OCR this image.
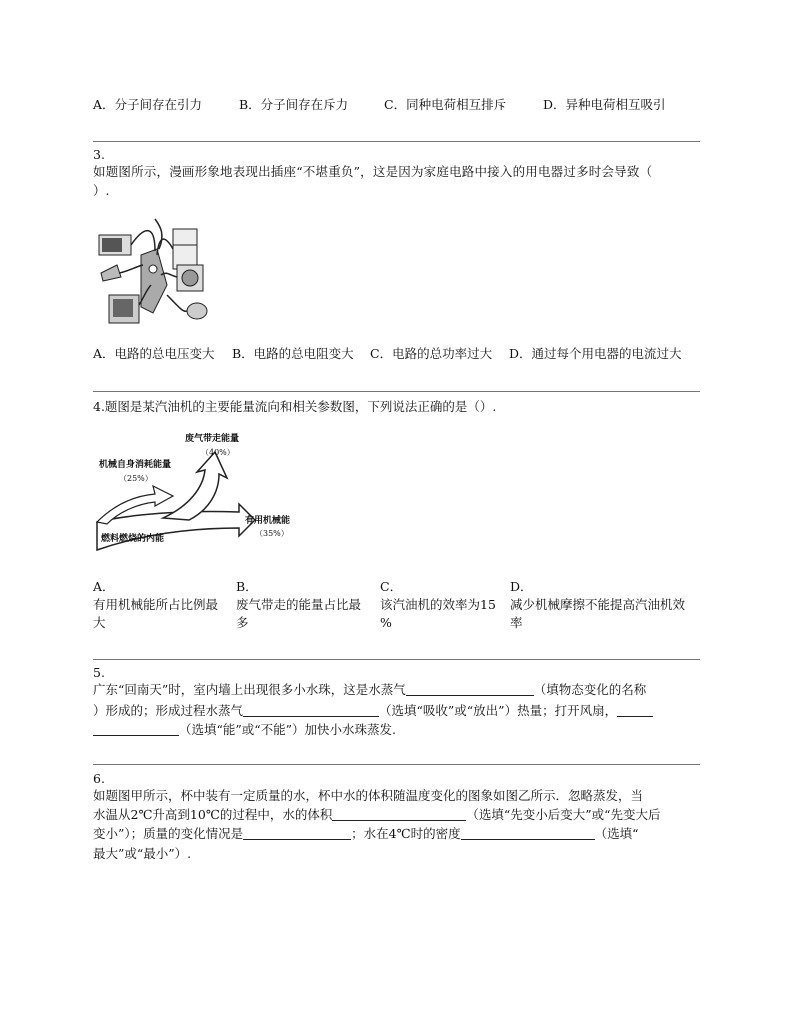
A．分子间存在引力	B．分子间存在斥力	C．同种电荷相互排斥	D．异种电荷相互吸引
3.
如题图所示，漫画形象地表现出插座“不堪重负”，这是因为家庭电路中接入的用电器过多时会导致（
）.
A．电路的总电压变大 B．电路的总电阻变大 C．电路的总功率过大 D．通过每个用电器的电流过大
4.题图是某汽油机的主要能量流向和相关参数图，下列说法正确的是（）.
废气带走能量
（40%）
机械自身消耗能量
（25%）
有用机械能
（35%）
燃料燃烧的内能
A．
有用机械能所占比例最
大
B．
废气带走的能量占比最
多
C．
该汽油机的效率为15
%
D．
减少机械摩擦不能提高汽油机效
率
5.
广东“回南天”时，室内墙上出现很多小水珠，这是水蒸气	（填物态变化的名称
）形成的；形成过程水蒸气	（选填“吸收”或“放出”）热量；打开风扇，
（选填“能”或“不能”）加快小水珠蒸发.
6.
如题图甲所示，杯中装有一定质量的水，杯中水的体积随温度变化的图象如图乙所示．忽略蒸发，当
水温从2℃升高到10℃的过程中，水的体积	（选填“先变小后变大”或“先变大后
变小”）；质量的变化情况是	；水在4℃时的密度	（选填“
最大”或“最小”）.
